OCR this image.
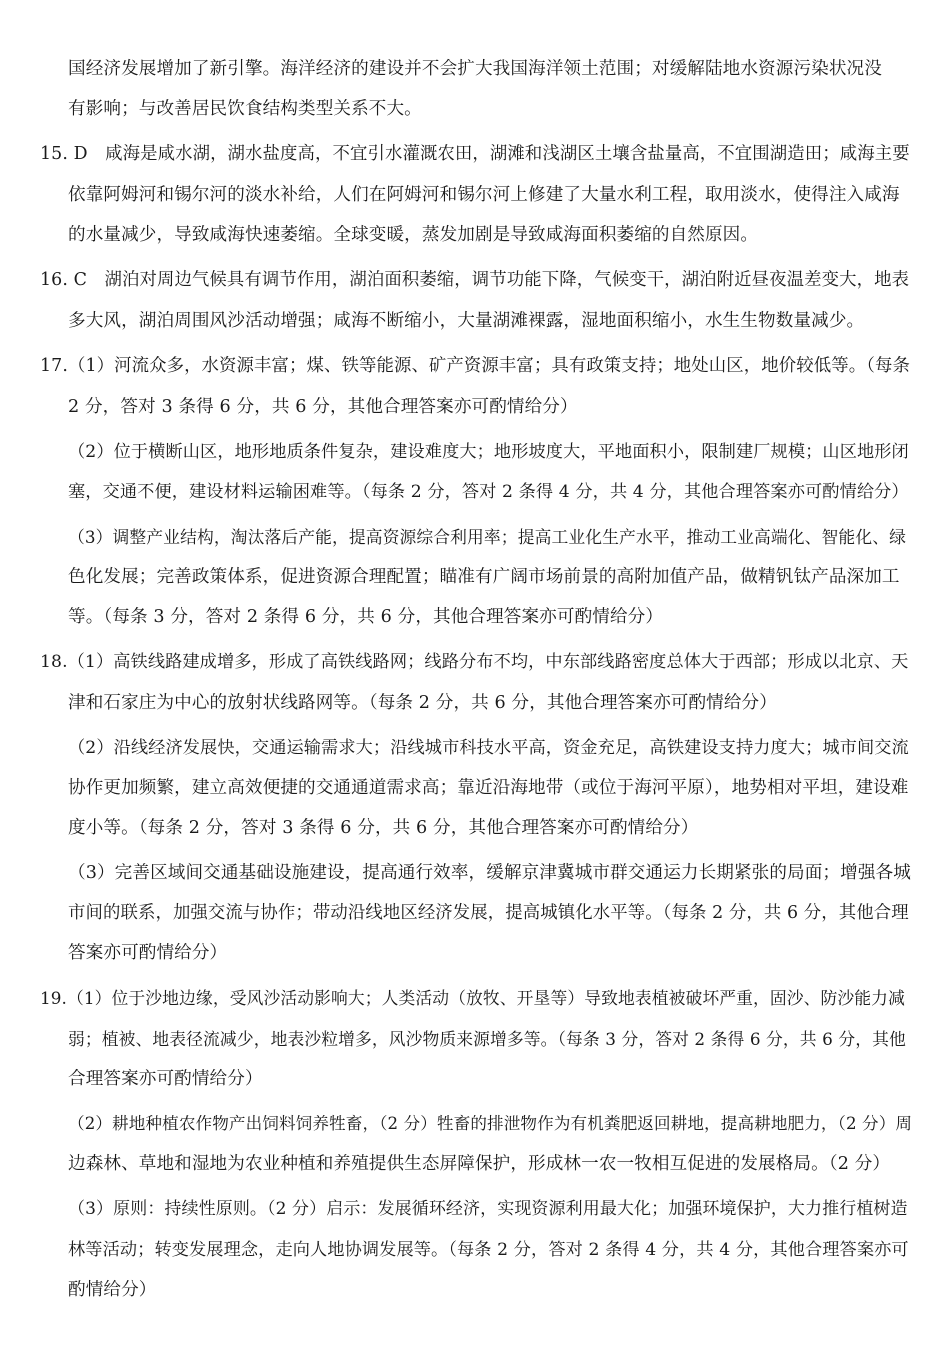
国经济发展增加了新引擎。海洋经济的建设并不会扩大我国海洋领土范围；对缓解陆地水资源污染状况没
有影响；与改善居民饮食结构类型关系不大。
15. D　咸海是咸水湖，湖水盐度高，不宜引水灌溉农田，湖滩和浅湖区土壤含盐量高，不宜围湖造田；咸海主要
依靠阿姆河和锡尔河的淡水补给，人们在阿姆河和锡尔河上修建了大量水利工程，取用淡水，使得注入咸海
的水量减少，导致咸海快速萎缩。全球变暖，蒸发加剧是导致咸海面积萎缩的自然原因。
16. C　湖泊对周边气候具有调节作用，湖泊面积萎缩，调节功能下降，气候变干，湖泊附近昼夜温差变大，地表
多大风，湖泊周围风沙活动增强；咸海不断缩小，大量湖滩裸露，湿地面积缩小，水生生物数量减少。
17.（1）河流众多，水资源丰富；煤、铁等能源、矿产资源丰富；具有政策支持；地处山区，地价较低等。（每条
2 分，答对 3 条得 6 分，共 6 分，其他合理答案亦可酌情给分）
（2）位于横断山区，地形地质条件复杂，建设难度大；地形坡度大，平地面积小，限制建厂规模；山区地形闭
塞，交通不便，建设材料运输困难等。（每条 2 分，答对 2 条得 4 分，共 4 分，其他合理答案亦可酌情给分）
（3）调整产业结构，淘汰落后产能，提高资源综合利用率；提高工业化生产水平，推动工业高端化、智能化、绿
色化发展；完善政策体系，促进资源合理配置；瞄准有广阔市场前景的高附加值产品，做精钒钛产品深加工
等。（每条 3 分，答对 2 条得 6 分，共 6 分，其他合理答案亦可酌情给分）
18.（1）高铁线路建成增多，形成了高铁线路网；线路分布不均，中东部线路密度总体大于西部；形成以北京、天
津和石家庄为中心的放射状线路网等。（每条 2 分，共 6 分，其他合理答案亦可酌情给分）
（2）沿线经济发展快，交通运输需求大；沿线城市科技水平高，资金充足，高铁建设支持力度大；城市间交流
协作更加频繁，建立高效便捷的交通通道需求高；靠近沿海地带（或位于海河平原），地势相对平坦，建设难
度小等。（每条 2 分，答对 3 条得 6 分，共 6 分，其他合理答案亦可酌情给分）
（3）完善区域间交通基础设施建设，提高通行效率，缓解京津冀城市群交通运力长期紧张的局面；增强各城
市间的联系，加强交流与协作；带动沿线地区经济发展，提高城镇化水平等。（每条 2 分，共 6 分，其他合理
答案亦可酌情给分）
19.（1）位于沙地边缘，受风沙活动影响大；人类活动（放牧、开垦等）导致地表植被破坏严重，固沙、防沙能力减
弱；植被、地表径流减少，地表沙粒增多，风沙物质来源增多等。（每条 3 分，答对 2 条得 6 分，共 6 分，其他
合理答案亦可酌情给分）
（2）耕地种植农作物产出饲料饲养牲畜，（2 分）牲畜的排泄物作为有机粪肥返回耕地，提高耕地肥力，（2 分）周
边森林、草地和湿地为农业种植和养殖提供生态屏障保护，形成林一农一牧相互促进的发展格局。（2 分）
（3）原则：持续性原则。（2 分）启示：发展循环经济，实现资源利用最大化；加强环境保护，大力推行植树造
林等活动；转变发展理念，走向人地协调发展等。（每条 2 分，答对 2 条得 4 分，共 4 分，其他合理答案亦可
酌情给分）
